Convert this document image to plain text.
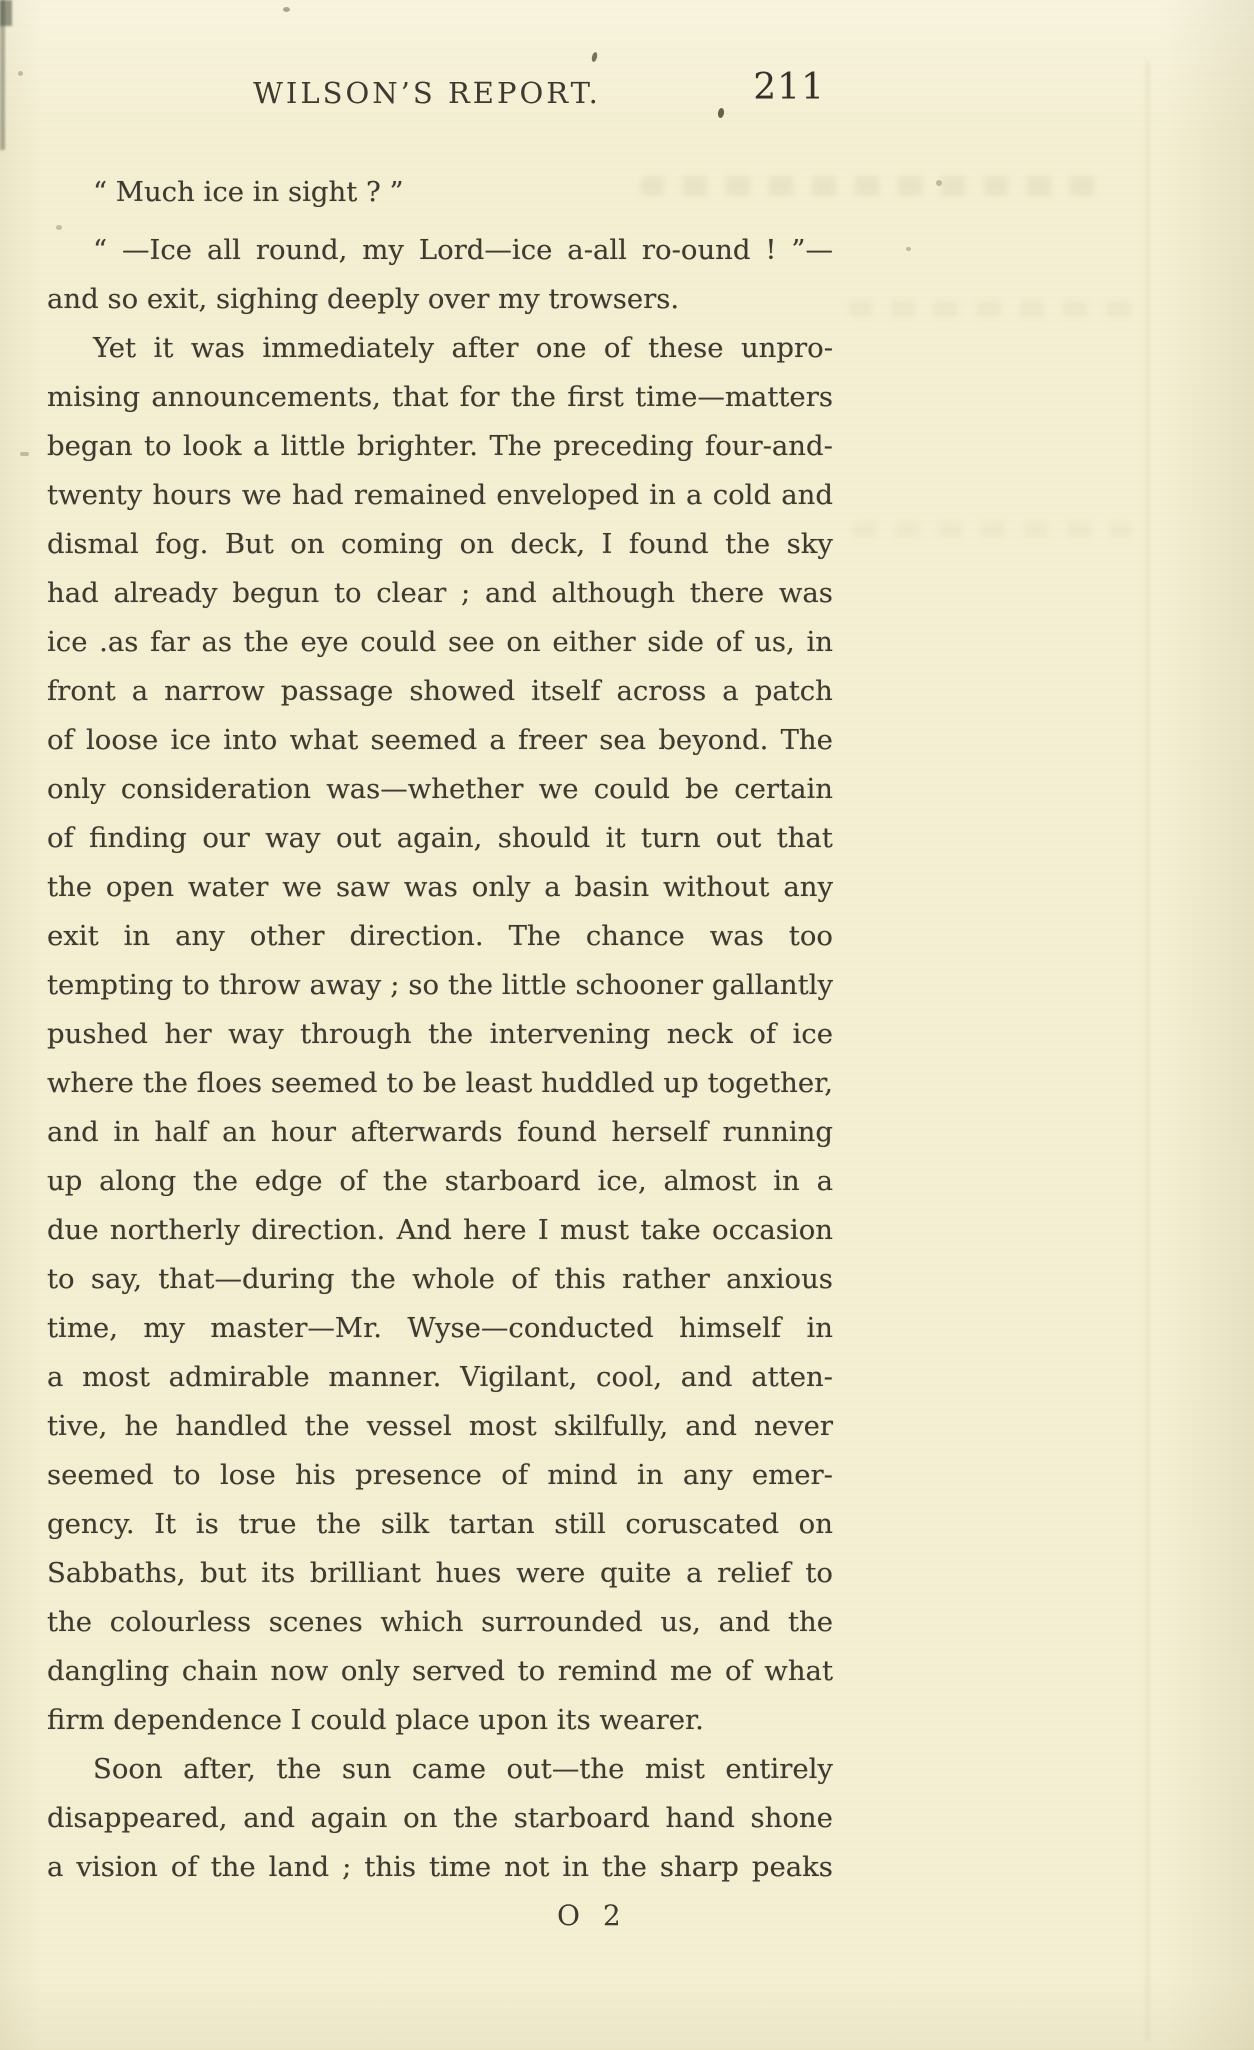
WILSON’S REPORT.	211
“ Much ice in sight ? ”
“ —Ice all round, my Lord—ice a-all ro-ound ! ”—
and so exit, sighing deeply over my trowsers.
Yet it was immediately after one of these unpro-
mising announcements, that for the first time—matters
began to look a little brighter. The preceding four-and-
twenty hours we had remained enveloped in a cold and
dismal fog. But on coming on deck, I found the sky
had already begun to clear ; and although there was
ice .as far as the eye could see on either side of us, in
front a narrow passage showed itself across a patch
of loose ice into what seemed a freer sea beyond. The
only consideration was—whether we could be certain
of finding our way out again, should it turn out that
the open water we saw was only a basin without any
exit in any other direction. The chance was too
tempting to throw away ; so the little schooner gallantly
pushed her way through the intervening neck of ice
where the floes seemed to be least huddled up together,
and in half an hour afterwards found herself running
up along the edge of the starboard ice, almost in a
due northerly direction. And here I must take occasion
to say, that—during the whole of this rather anxious
time, my master—Mr. Wyse—conducted himself in
a most admirable manner. Vigilant, cool, and atten-
tive, he handled the vessel most skilfully, and never
seemed to lose his presence of mind in any emer-
gency. It is true the silk tartan still coruscated on
Sabbaths, but its brilliant hues were quite a relief to
the colourless scenes which surrounded us, and the
dangling chain now only served to remind me of what
firm dependence I could place upon its wearer.
Soon after, the sun came out—the mist entirely
disappeared, and again on the starboard hand shone
a vision of the land ; this time not in the sharp peaks
O 2
